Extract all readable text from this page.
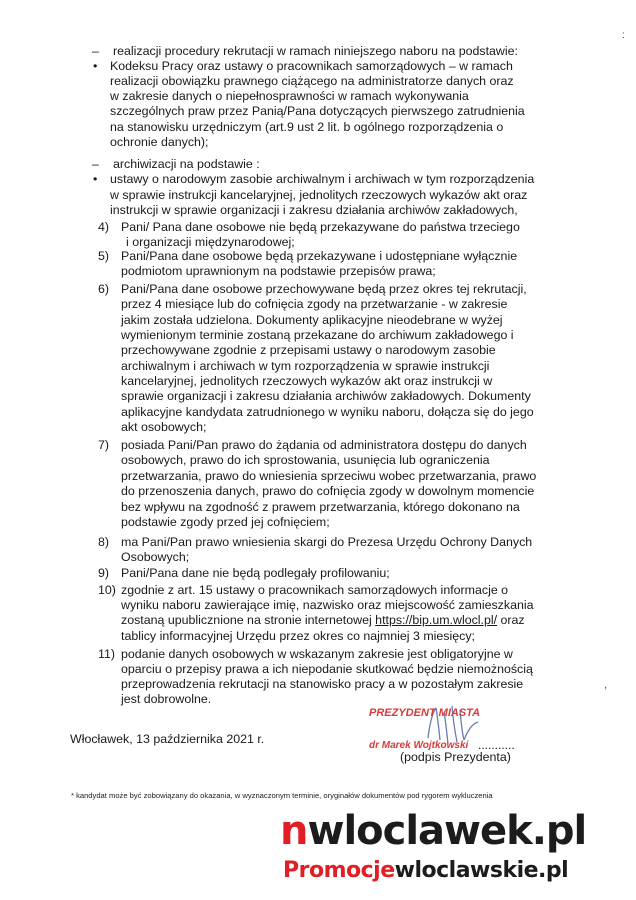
–
•
–
•
4)
5)
6)
7)
8)
9)
10)
11)
realizacji procedury rekrutacji w ramach niniejszego naboru na podstawie:
Kodeksu Pracy oraz ustawy o pracownikach samorządowych – w ramach
realizacji obowiązku prawnego ciążącego na administratorze danych oraz
w zakresie danych o niepełnosprawności w ramach wykonywania
szczególnych praw przez Panią/Pana dotyczących pierwszego zatrudnienia
na stanowisku urzędniczym (art.9 ust 2 lit. b ogólnego rozporządzenia o
ochronie danych);
archiwizacji na podstawie :
ustawy o narodowym zasobie archiwalnym i archiwach w tym rozporządzenia
w sprawie instrukcji kancelaryjnej, jednolitych rzeczowych wykazów akt oraz
instrukcji w sprawie organizacji i zakresu działania archiwów zakładowych,
Pani/ Pana dane osobowe nie będą przekazywane do państwa trzeciego
i organizacji międzynarodowej;
Pani/Pana dane osobowe będą przekazywane i udostępniane wyłącznie
podmiotom uprawnionym na podstawie przepisów prawa;
Pani/Pana dane osobowe przechowywane będą przez okres tej rekrutacji,
przez 4 miesiące lub do cofnięcia zgody na przetwarzanie - w zakresie
jakim została udzielona. Dokumenty aplikacyjne nieodebrane w wyżej
wymienionym terminie zostaną przekazane do archiwum zakładowego i
przechowywane zgodnie z przepisami ustawy o narodowym zasobie
archiwalnym i archiwach w tym rozporządzenia w sprawie instrukcji
kancelaryjnej, jednolitych rzeczowych wykazów akt oraz instrukcji w
sprawie organizacji i zakresu działania archiwów zakładowych. Dokumenty
aplikacyjne kandydata zatrudnionego w wyniku naboru, dołącza się do jego
akt osobowych;
posiada Pani/Pan prawo do żądania od administratora dostępu do danych
osobowych, prawo do ich sprostowania, usunięcia lub ograniczenia
przetwarzania, prawo do wniesienia sprzeciwu wobec przetwarzania, prawo
do przenoszenia danych, prawo do cofnięcia zgody w dowolnym momencie
bez wpływu na zgodność z prawem przetwarzania, którego dokonano na
podstawie zgody przed jej cofnięciem;
ma Pani/Pan prawo wniesienia skargi do Prezesa Urzędu Ochrony Danych
Osobowych;
Pani/Pana dane nie będą podlegały profilowaniu;
zgodnie z art. 15 ustawy o pracownikach samorządowych informacje o
wyniku naboru zawierające imię, nazwisko oraz miejscowość zamieszkania
zostaną upublicznione na stronie internetowej https://bip.um.wlocl.pl/ oraz
tablicy informacyjnej Urzędu przez okres co najmniej 3 miesięcy;
podanie danych osobowych w wskazanym zakresie jest obligatoryjne w
oparciu o przepisy prawa a ich niepodanie skutkować będzie niemożnością
przeprowadzenia rekrutacji na stanowisko pracy a w pozostałym zakresie
jest dobrowolne.
Włocławek, 13 października 2021 r.
PREZYDENT MIASTA
dr Marek Wojtkowski ...........
(podpis Prezydenta)
* kandydat może być zobowiązany do okazania, w wyznaczonym terminie, oryginałów dokumentów pod rygorem wykluczenia
nwloclawek.pl
Promocjewloclawskie.pl
:
,
